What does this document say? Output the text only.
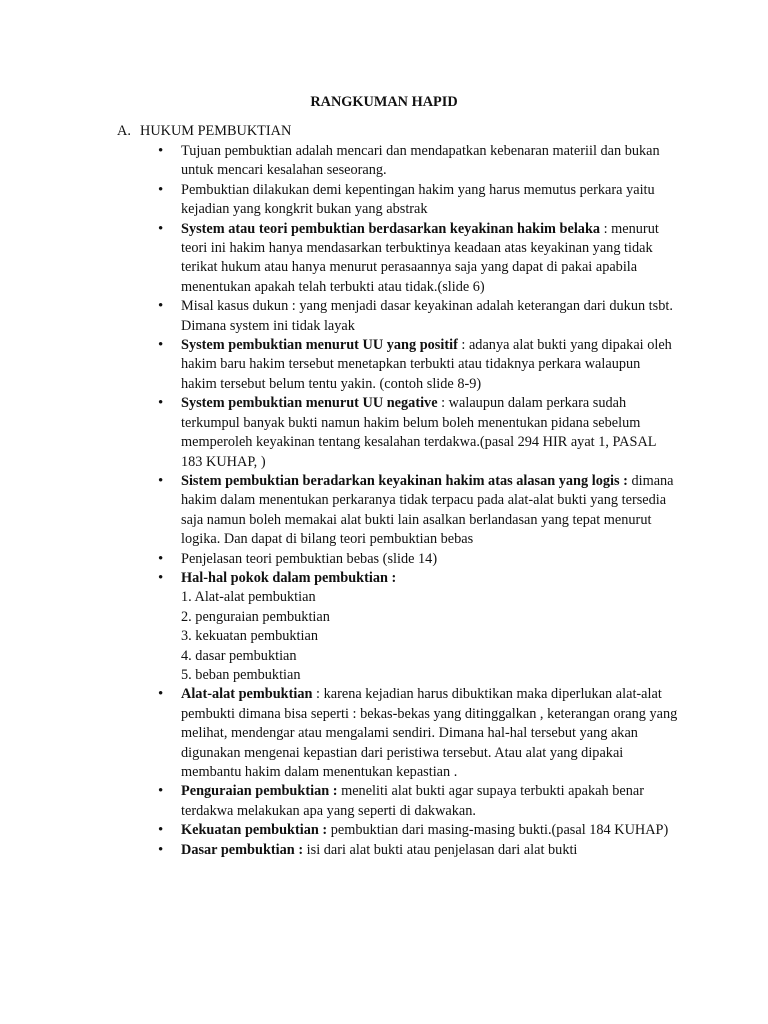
RANGKUMAN HAPID
A. HUKUM PEMBUKTIAN
• Tujuan pembuktian adalah mencari dan mendapatkan kebenaran materiil dan bukan untuk mencari kesalahan seseorang.
• Pembuktian dilakukan demi kepentingan hakim yang harus memutus perkara yaitu kejadian yang kongkrit bukan yang abstrak
• System atau teori pembuktian berdasarkan keyakinan hakim belaka : menurut teori ini hakim hanya mendasarkan terbuktinya keadaan atas keyakinan yang tidak terikat hukum atau hanya menurut perasaannya saja yang dapat di pakai apabila menentukan apakah telah terbukti atau tidak.(slide 6)
• Misal kasus dukun : yang menjadi dasar keyakinan adalah keterangan dari dukun tsbt. Dimana system ini tidak layak
• System pembuktian menurut UU yang positif : adanya alat bukti yang dipakai oleh hakim baru hakim tersebut menetapkan terbukti atau tidaknya perkara walaupun hakim tersebut belum tentu yakin. (contoh slide 8-9)
• System pembuktian menurut UU negative : walaupun dalam perkara sudah terkumpul banyak bukti namun hakim belum boleh menentukan pidana sebelum memperoleh keyakinan tentang kesalahan terdakwa.(pasal 294 HIR ayat 1, PASAL 183 KUHAP, )
• Sistem pembuktian beradarkan keyakinan hakim atas alasan yang logis : dimana hakim dalam menentukan perkaranya tidak terpacu pada alat-alat bukti yang tersedia saja namun boleh memakai alat bukti lain asalkan berlandasan yang tepat menurut logika. Dan dapat di bilang teori pembuktian bebas
• Penjelasan teori pembuktian bebas (slide 14)
• Hal-hal pokok dalam pembuktian :
1. Alat-alat pembuktian
2. penguraian pembuktian
3. kekuatan pembuktian
4. dasar pembuktian
5. beban pembuktian
• Alat-alat pembuktian : karena kejadian harus dibuktikan maka diperlukan alat-alat pembukti dimana bisa seperti : bekas-bekas yang ditinggalkan , keterangan orang yang melihat, mendengar atau mengalami sendiri. Dimana hal-hal tersebut yang akan digunakan mengenai kepastian dari peristiwa tersebut. Atau alat yang dipakai membantu hakim dalam menentukan kepastian .
• Penguraian pembuktian : meneliti alat bukti agar supaya terbukti apakah benar terdakwa melakukan apa yang seperti di dakwakan.
• Kekuatan pembuktian : pembuktian dari masing-masing bukti.(pasal 184 KUHAP)
• Dasar pembuktian : isi dari alat bukti atau penjelasan dari alat bukti
